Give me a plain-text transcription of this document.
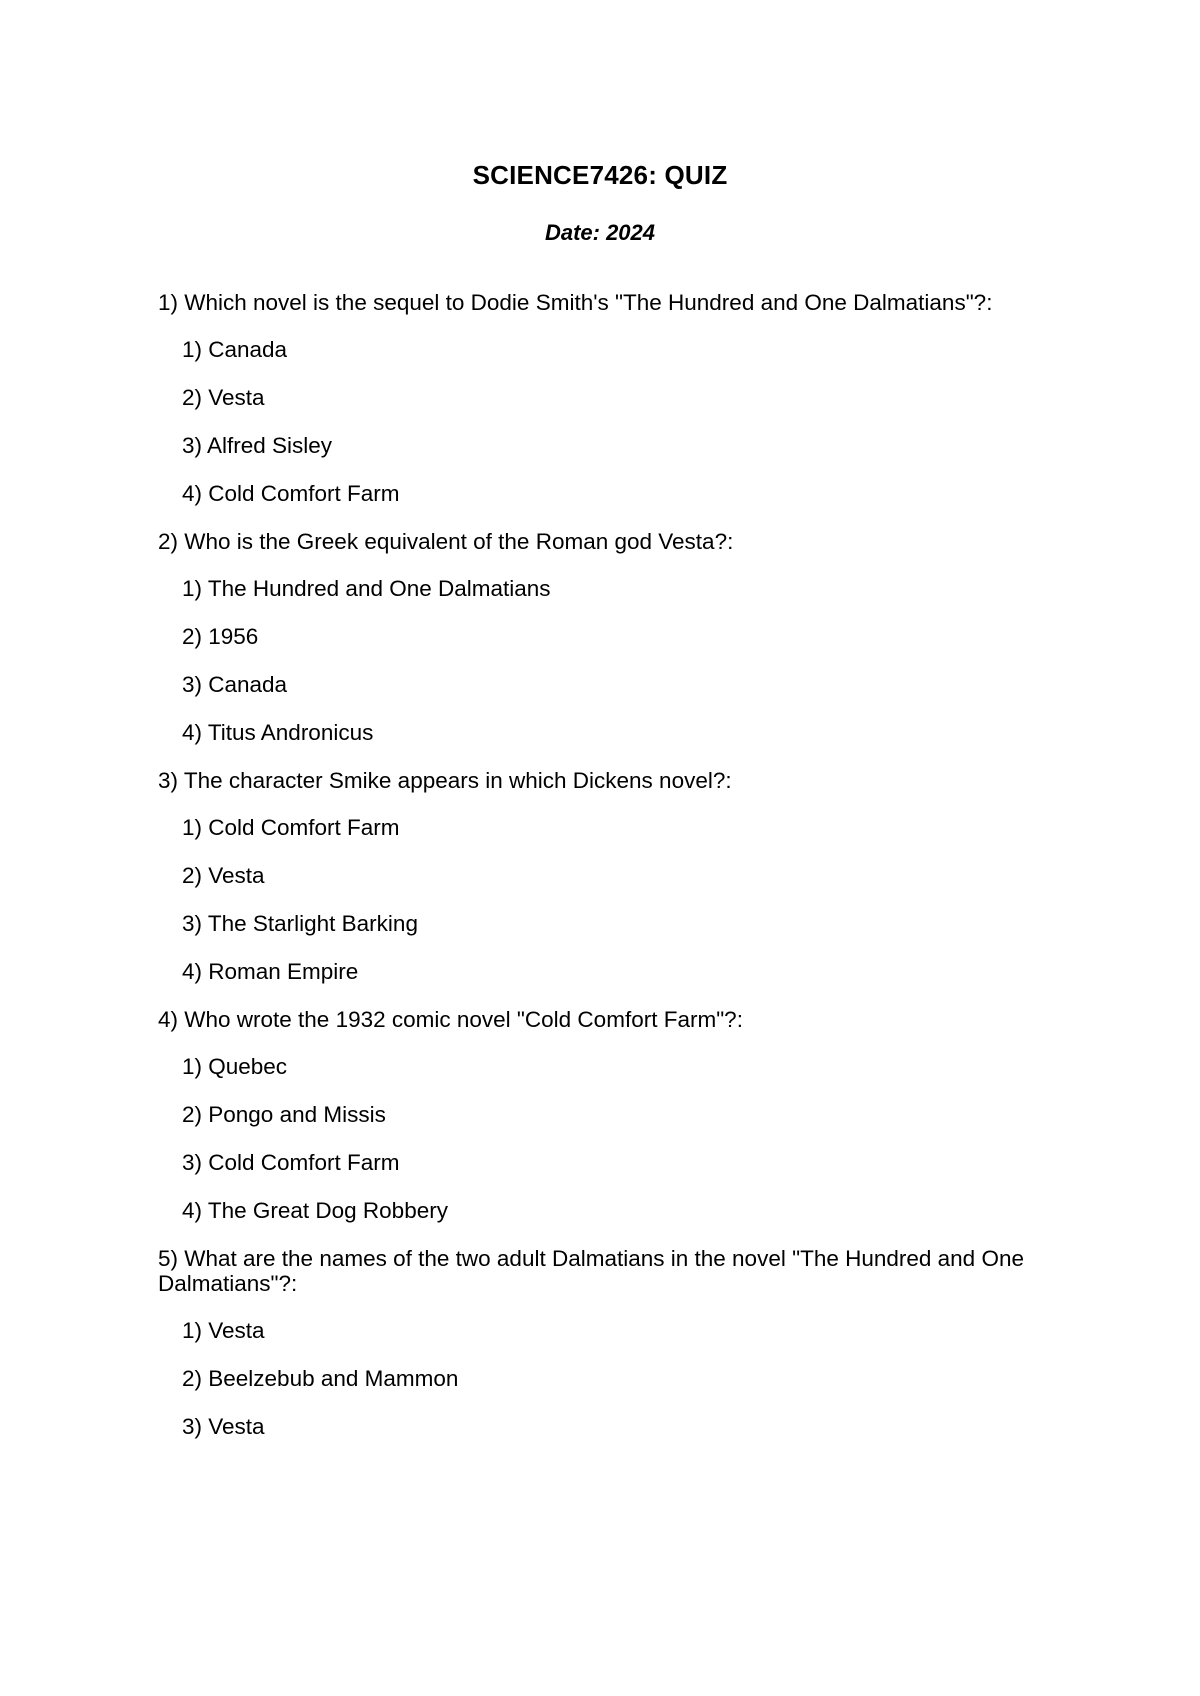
SCIENCE7426: QUIZ
Date: 2024
1) Which novel is the sequel to Dodie Smith's "The Hundred and One Dalmatians"?:
1) Canada
2) Vesta
3) Alfred Sisley
4) Cold Comfort Farm
2) Who is the Greek equivalent of the Roman god Vesta?:
1) The Hundred and One Dalmatians
2) 1956
3) Canada
4) Titus Andronicus
3) The character Smike appears in which Dickens novel?:
1) Cold Comfort Farm
2) Vesta
3) The Starlight Barking
4) Roman Empire
4) Who wrote the 1932 comic novel "Cold Comfort Farm"?:
1) Quebec
2) Pongo and Missis
3) Cold Comfort Farm
4) The Great Dog Robbery
5) What are the names of the two adult Dalmatians in the novel "The Hundred and One Dalmatians"?:
1) Vesta
2) Beelzebub and Mammon
3) Vesta
